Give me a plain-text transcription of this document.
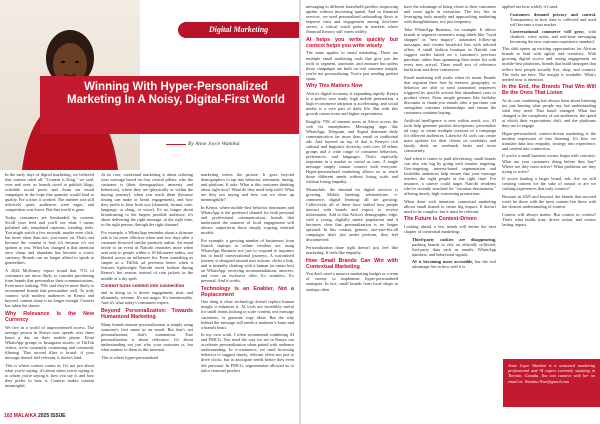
Digital Marketing
Winning With Hyper-Personalized Marketing In A Noisy, Digital-First World
By Anne Joyce Wambui

In the early days of digital marketing, we believed that content ruled all. "Content is King," we said, over and over, as brands raced to publish blogs, schedule social posts, and churn out email campaigns in the hope that quantity would lead to quality. For a time, it worked. The internet was still relatively quiet; audiences were eager, and competition was lower. But that world is gone.

Today, consumers are bombarded by content. Scroll your feed and you'll see what I mean: polished ads, templated captions, trending reels. You might watch a few seconds, maybe even click, but more often than not, you move on. That's not because the content is bad; it's because it's not spoken to you. What has changed is that attention once cheap and abundant has become a scarce currency. Brands can no longer afford to speak to generalities.

A 2024 McKinsey report found that 71% of consumers are more likely to consider purchasing from brands that personalize their communications. Even more striking: 76% said they're more likely to recommend brands that personalize well. To truly connect with modern audiences in Kenya and beyond, content alone is no longer enough. Context has taken the throne.

Why Relevance Is the New Currency

We live in a world of unprecedented access. The average person in Kenya now spends over three hours a day on their mobile phone. From WhatsApp groups to Instagram stories, to TikTok videos, we're constantly consuming and constantly filtering. That second filter is brutal: if your message doesn't feel relevant, it doesn't land.

This is where context comes in. It's not just about what you're saying; it's about when you're saying it, to whom you're saying it, how you say it, and how they prefer to hear it. Context makes content meaningful.

At its core, contextual marketing is about tailoring your message based on four critical pillars: who the customer is (their demographics, interests, and behaviors), where they are (physically or within the buying journey), when you reach them (because timing can make or break engagement), and how they prefer to hear from you (channels, format, tone, language, or slang, or voice). It's no longer about broadcasting to the largest possible audience; it's about delivering the right message, at the right time, to the right person, through the right channel.

For example, a WhatsApp reminder about a skincare sale is far more effective when sent two days after a customer browsed similar products online. An email invite to an event in Nairobi resonates more when sent only to people within a 10-kilometer radius, not blasted across an influencer list. Even something as simple as a TikTok ad performs better when it features lightweight Nairobi street fashion during Kenya's hot season, instead of rain jackets in the middle of a dry spell.

Context turns content into connection

and in doing so, it drives engagement, trust, and ultimately, revenue. It's not magic. It's intentionality. And it's what today's consumers expect.

Beyond Personalization: Towards Humanized Marketing

Many brands assume personalization is simply using someone's first name in an email. But that's not personalization, that's automation. True personalization is about relevance. It's about understanding not just who your customer is, but what matters to them in this moment.

This is where hyper-personalized

marketing enters the picture. It goes beyond demographics to tap into behavior, sentiment, timing, and platform. It asks: What is this customer thinking about right now? What do they need help with? What are they not saying and how can we show up meaningfully?

In Kenya, where mobile-first behavior dominates and WhatsApp is the preferred channel for both personal and professional communication, brands that understand the nuances of local engagement will always outperform those simply copying external models.

For example, a growing number of businesses from fintech startups to online retailers are using WhatsApp Business not just to respond to inquiries but to build conversational journeys. A customised journey is designed around user actions: clicks a link, and is instantly chatting with a human (or smart bot) on WhatsApp, receiving recommendations, answers, and even an exclusive offer. It's seamless. It's personal. And it works.

Technology is an Enabler, Not a Replacement

One thing is clear: technology doesn't replace human insight it enhances it. AI tools are incredibly useful for small teams looking to scale content, test message variations, or generate copy ideas. But the why behind the message still needs a marketer's brain and a brand's heart.

In my own work, I often recommend combining AI and FMCG. You need the way we are in Kenya can accelerate personalization when paired with audience understanding. In e-commerce, we used browsing behavior to suggest timely, relevant offers not just to drive clicks, but to anticipate needs before they even felt personal. In FMCG, segmentation allowed us to tailor seasonal product

102 MALAIKA 2025 ISSUE

messaging to different household profiles, improving uptake without increasing spend. And in financial services, we used personalized onboarding flows to improve trust and engagement among first-time savers, a critical touch point in markets where financial literacy still varies widely.

AI helps you write quickly but context helps you write wisely

The same applies to email marketing. There are multiple email marketing tools that give you the tools to segment, automate, and measure but unless those campaigns are built on real customer insight, you're not personalizing. You're just sending prettier spam.

Why This Matters Now

Africa's digital economy is expanding rapidly. Kenya is a perfect case study: high mobile penetration, a high e-commerce adoption is accelerating, and social media is a core part of daily life. But with this growth comes noise and higher expectations.

Roughly 70% of internet users in Africa access the web via smartphones. Messaging apps like WhatsApp, Telegram, and Signal dominate daily communication far more than email or traditional ads. And layered on top of that is Kenya's rich cultural and linguistic diversity with over 40 ethnic groups and a wide range of consumer behaviors, preferences, and languages. That's especially important in a market as varied as ours. A single message simply cannot connect with everyone. Hyper-personalized marketing allows us to reach those different needs without losing scale and without losing empathy.

Meanwhile, the demand for digital services is growing. Mobile banking, telemedicine, e-commerce, digital learning: all are growing. Collectively all of these have shifted how people interact with brands and expect to receive information. Add to that Africa's demographic edge: with a young, digitally native population and it becomes clear that personalization is no longer optional. In this context, generic, one-size-fits-all campaigns don't just under perform, they feel disconnected.

Personalization done right doesn't just feel like marketing. It feels like empathy.

How Small Brands Can Win with Contextual Marketing

You don't need a massive marketing budget or a team of twenty to implement hyper-personalized strategies. In fact, small brands from local shops to startups often

have the advantage of being closer to their customers and more agile in execution. The key lies in leveraging tools smartly and approaching marketing with thoughtfulness, not just frequency.

Take WhatsApp Business, for example. It allows brands to segment customers using labels like "loyal shopper" or "new inquiry", automates follow-up messages, and creates broadcast lists with tailored offers. A small fashion boutique in Nairobi can suggest outfits based on a customer's previous purchase, rather than spamming their entire list with every new arrival. These small acts of relevance build trust and drive conversion.

Email marketing still works when it's smart. Brands that segment their lists by interest, geography, or behavior are able to send automated sequences triggered by specific actions like abandoned carts or product views. Even simple gestures like birthday discounts or thank-you emails after a purchase can strengthen customer relationships and ensure the customers continue buying.

Artificial intelligence is now within reach, too. AI tools help generate product descriptions, personalize ad copy, or create multiple versions of a campaign for different audiences. Likewise AI tools can create mass updates for their clients on weekdays and family deals on weekends faster and more consistently.

And when it comes to paid advertising, small brands can also win big by going with smarter targeting. Geo-targeting, interest-based segmentation and lookalike audiences help ensure that your message reaches the right people at the right time. For instance, a caterer could target Nairobi residents who've recently searched for "vacation destinations," offering timely, high-converting promotions.

When done with intention, contextual marketing allows small brands to create big impact. It doesn't need to be complex, but it must be relevant.

The Future is Context-Driven

Looking ahead, a few trends will define the next chapter of contextual marketing:

• Third-party cookies are disappearing, pushing brands to rely on ethically collected, first-party data such as emails, WhatsApp numbers, and behavioral signals.
• AI is becoming more accessible, but the real advantage lies in how well it is

applied not how widely it's used.

• Customers demand privacy and control. Transparency in how data is collected and used will become a trust marker.
• Conversational commerce will grow, with chatbots, voice notes, and real-time messaging becoming the new customer experience standard.

This shift opens up exciting opportunities for African brands to lead with agility and creativity. With growing digital access and strong engagement on mobile-first platforms, brands that build strategies that reflect how people actually live, shop, and connect. The tools are here. The insight is available. What's needed now is intention.

In the End, the Brands That Win Will Be the Ones That Listen

At its core, marketing has always been about listening not just hearing what people say, but understanding what they need. That hasn't changed. What has changed is the complexity of our audiences, the speed at which their expectations shift, and the platforms they use to engage.

Hyper-personalized, context-driven marketing is the modern expression of that listening. It's how we translate data into empathy, strategy into experience, and content into connection.

If you're a small business owner, begin with curiosity: What are your customers doing before they buy? Where are they most active? What problems are they trying to solve?

If you're leading a larger brand, ask: Are we still creating content for the sake of output or are we crafting experiences that truly connect?

Because in 2025 and beyond, the brands that succeed won't be those with the most content but those with the clearest understanding of context.

Context will always matter. But context in context? That's what builds trust, drives action, and creates lasting impact.

Anne Joyce Wambui is a seasoned marketing professional and AI expert currently studying in Toronto, Canada. You can connect with her on email at: Wambui.Nwe@gmail.com
